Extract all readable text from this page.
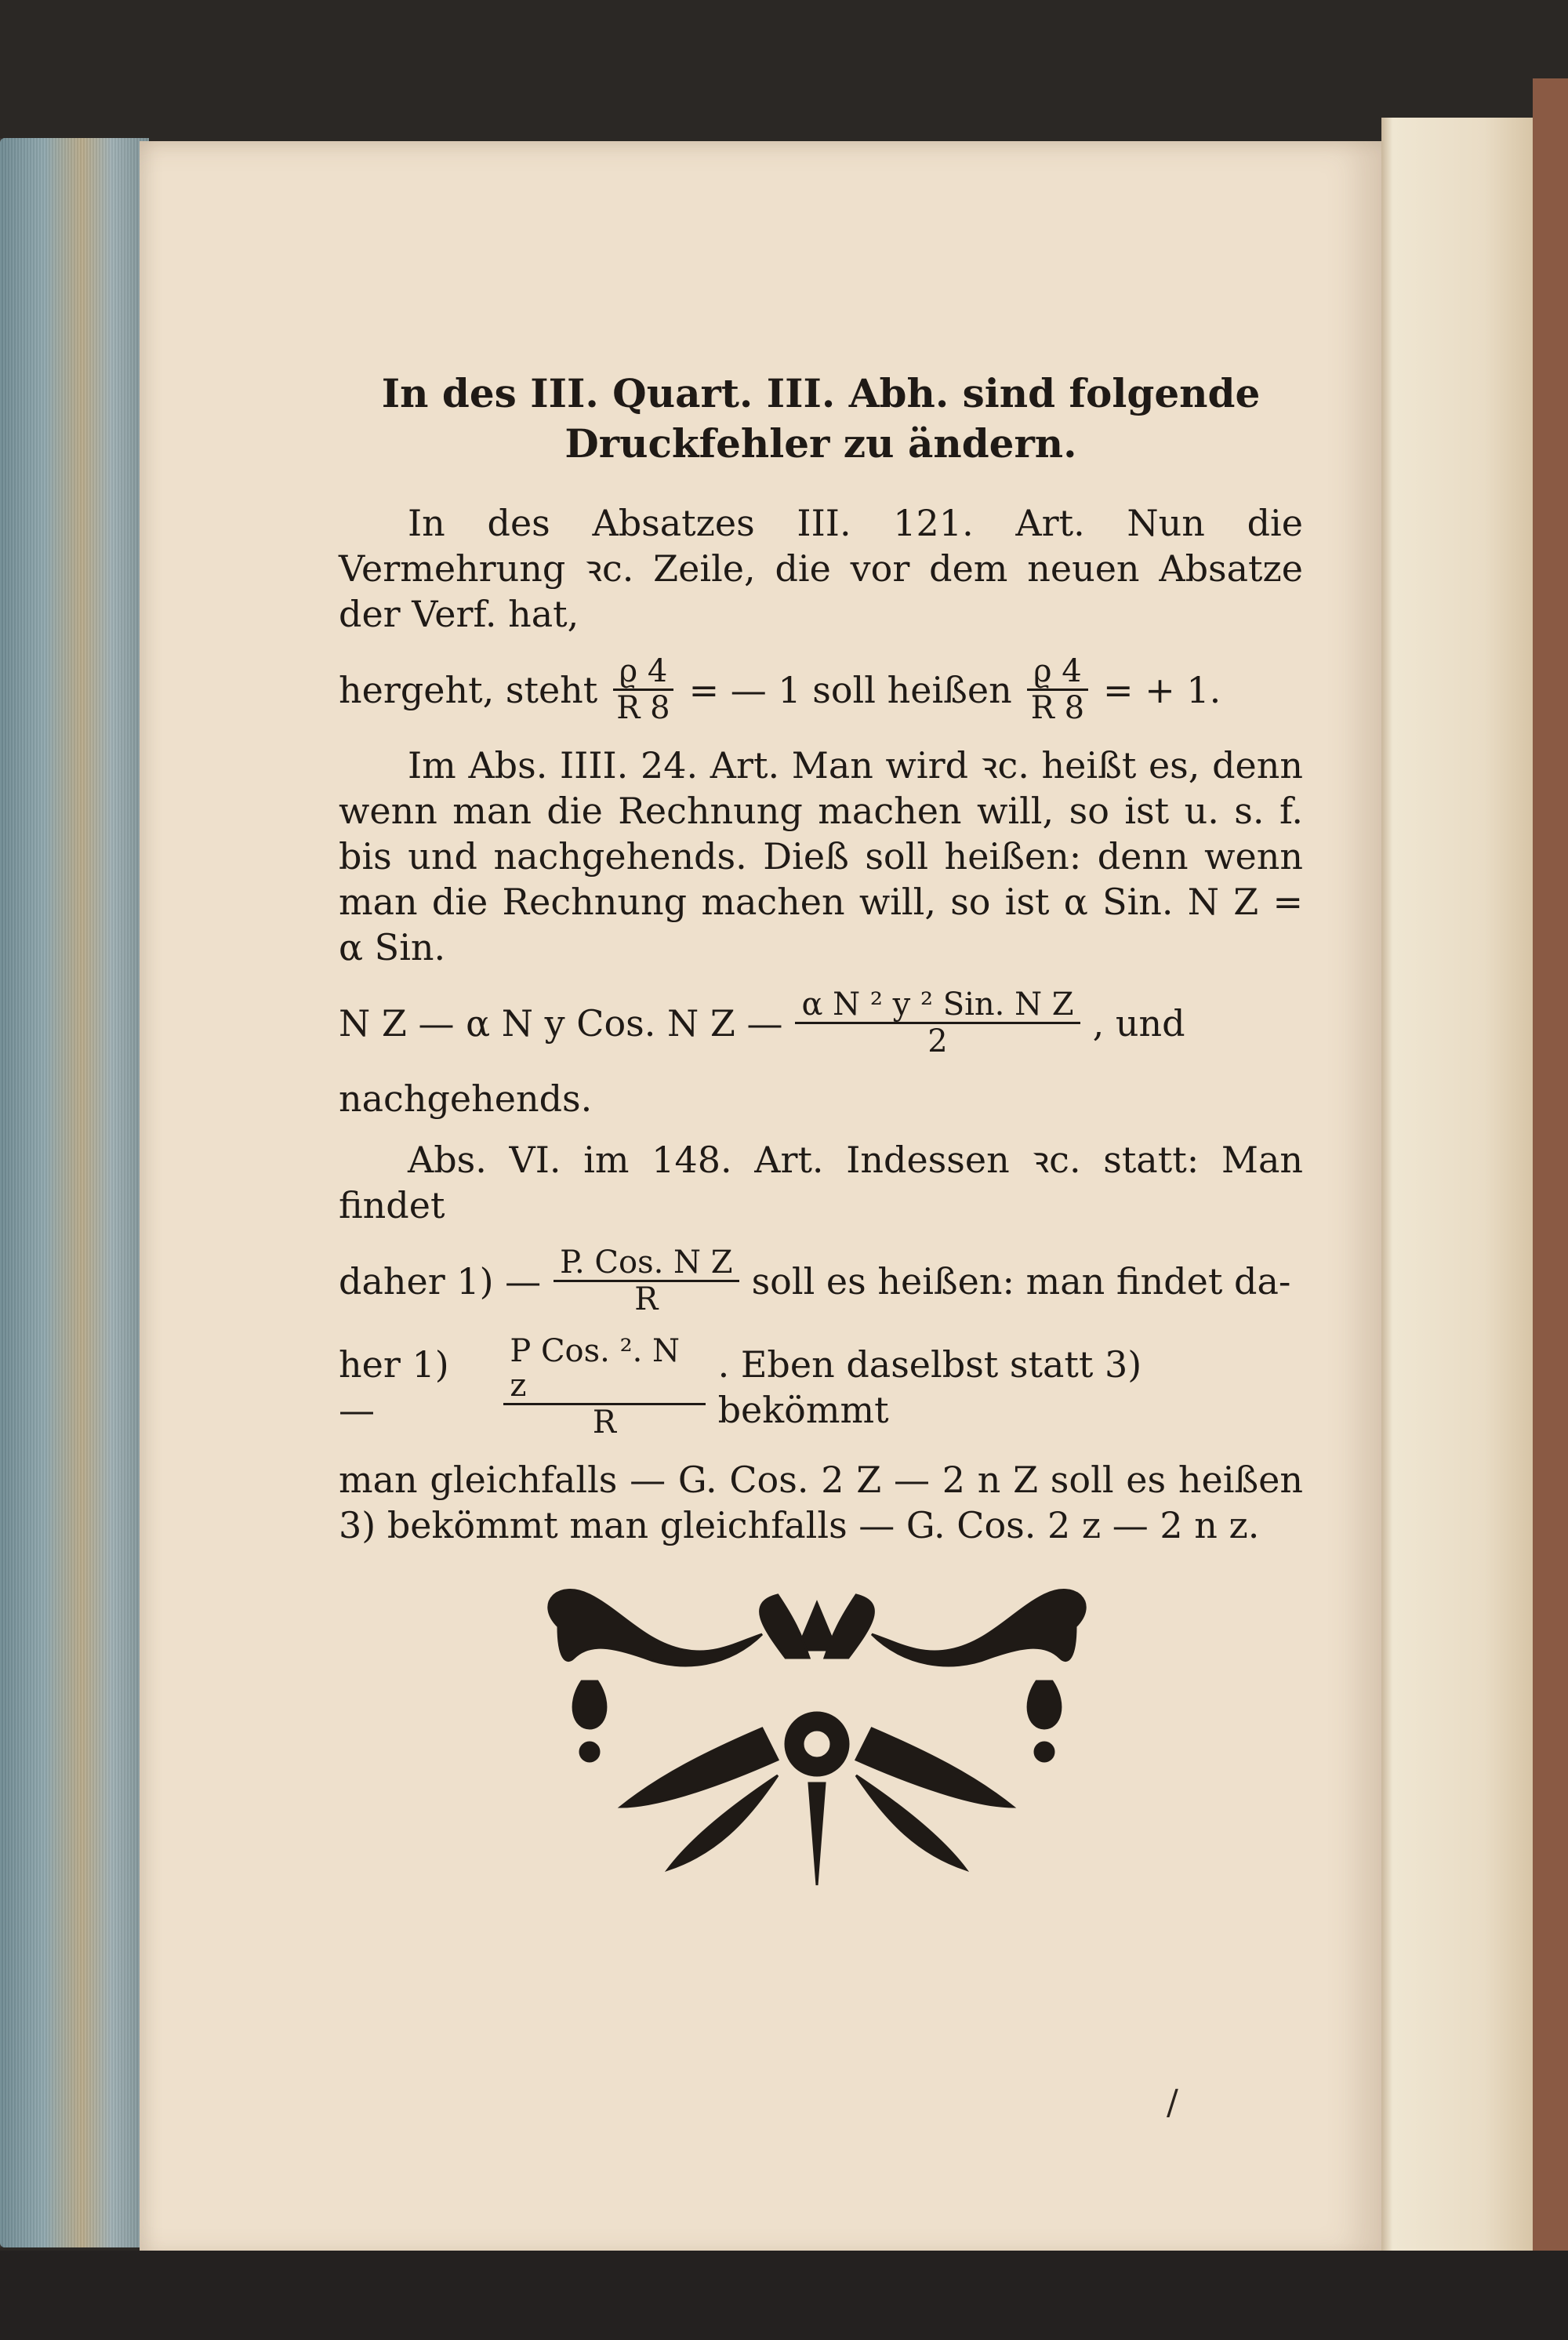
In des III. Quart. III. Abh. sind folgende Druckfehler zu ändern.

In des Absatzes III. 121. Art. Nun die Vermehrung ꝛc. Zeile, die vor dem neuen Absatze der Verf. hat,

hergeht, steht $\frac{ϱ 4}{R 8}$ = — 1 soll heißen $\frac{ϱ 4}{R 8}$ = + 1.

Im Abs. IIII. 24. Art. Man wird ꝛc. heißt es, denn wenn man die Rechnung machen will, so ist u. s. f. bis und nachgehends. Dieß soll heißen: denn wenn man die Rechnung machen will, so ist α Sin. N Z = α Sin.

N Z — α N y Cos. N Z — $\frac{\text{α N ² y ² Sin. N Z}}{2}$ , und

nachgehends.

Abs. VI. im 148. Art. Indessen ꝛc. statt: Man findet

daher 1) — $\frac{\text{P. Cos. N Z}}{R}$ soll es heißen: man findet da-
her 1) —	$\frac{\text{P Cos. ². N z}}{R}$ . Eben daselbst statt 3) bekömmt

man gleichfalls — G. Cos. 2 Z — 2 n Z soll es heißen 3) bekömmt man gleichfalls — G. Cos. 2 z — 2 n z.

/
